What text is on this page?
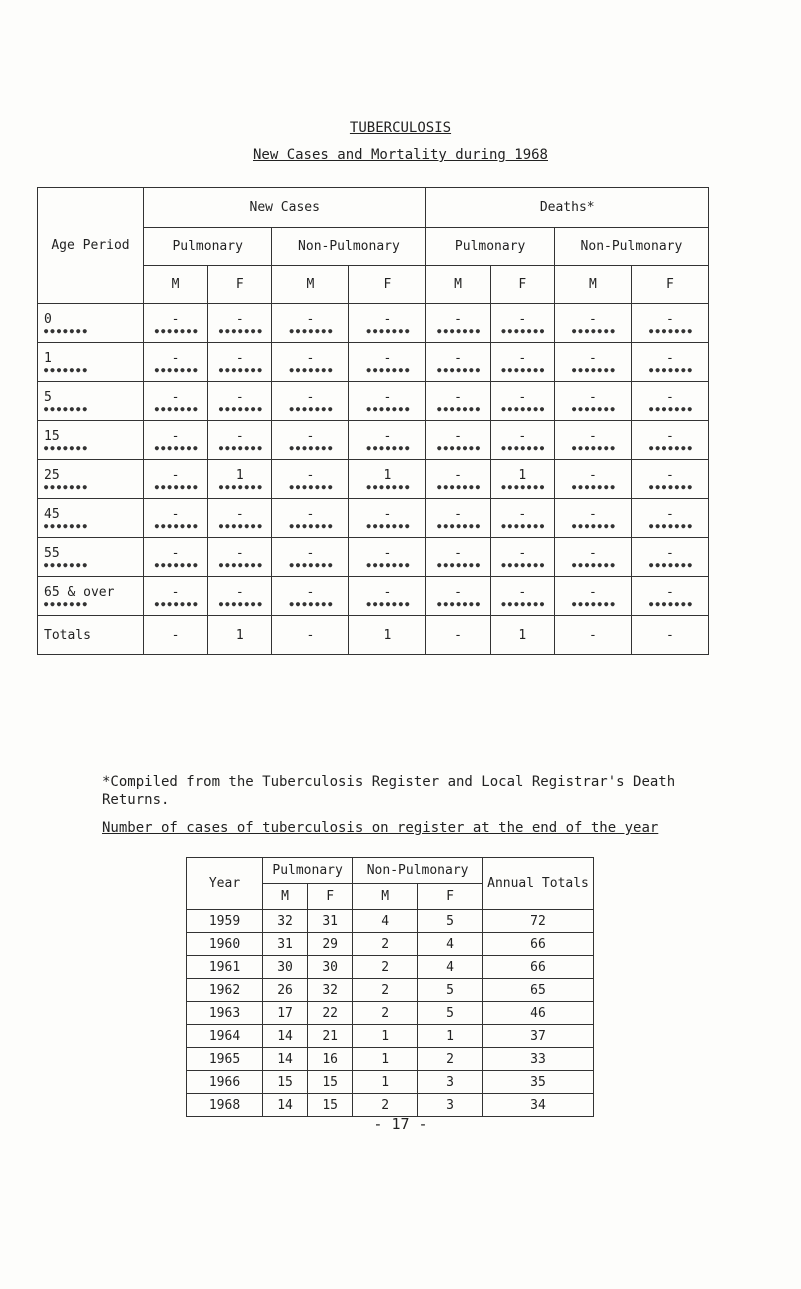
TUBERCULOSIS
New Cases and Mortality during 1968
Age Period	New Cases				Deaths*			
	Pulmonary		Non-Pulmonary		Pulmonary		Non-Pulmonary	
	M	F	M	F	M	F	M	F
0 ● ● ● ● ● ● ●	- ● ● ● ● ● ● ●	- ● ● ● ● ● ● ●	- ● ● ● ● ● ● ●	- ● ● ● ● ● ● ●	- ● ● ● ● ● ● ●	- ● ● ● ● ● ● ●	- ● ● ● ● ● ● ●	- ● ● ● ● ● ● ●
1 ● ● ● ● ● ● ●	- ● ● ● ● ● ● ●	- ● ● ● ● ● ● ●	- ● ● ● ● ● ● ●	- ● ● ● ● ● ● ●	- ● ● ● ● ● ● ●	- ● ● ● ● ● ● ●	- ● ● ● ● ● ● ●	- ● ● ● ● ● ● ●
5 ● ● ● ● ● ● ●	- ● ● ● ● ● ● ●	- ● ● ● ● ● ● ●	- ● ● ● ● ● ● ●	- ● ● ● ● ● ● ●	- ● ● ● ● ● ● ●	- ● ● ● ● ● ● ●	- ● ● ● ● ● ● ●	- ● ● ● ● ● ● ●
15 ● ● ● ● ● ● ●	- ● ● ● ● ● ● ●	- ● ● ● ● ● ● ●	- ● ● ● ● ● ● ●	- ● ● ● ● ● ● ●	- ● ● ● ● ● ● ●	- ● ● ● ● ● ● ●	- ● ● ● ● ● ● ●	- ● ● ● ● ● ● ●
25 ● ● ● ● ● ● ●	- ● ● ● ● ● ● ●	1 ● ● ● ● ● ● ●	- ● ● ● ● ● ● ●	1 ● ● ● ● ● ● ●	- ● ● ● ● ● ● ●	1 ● ● ● ● ● ● ●	- ● ● ● ● ● ● ●	- ● ● ● ● ● ● ●
45 ● ● ● ● ● ● ●	- ● ● ● ● ● ● ●	- ● ● ● ● ● ● ●	- ● ● ● ● ● ● ●	- ● ● ● ● ● ● ●	- ● ● ● ● ● ● ●	- ● ● ● ● ● ● ●	- ● ● ● ● ● ● ●	- ● ● ● ● ● ● ●
55 ● ● ● ● ● ● ●	- ● ● ● ● ● ● ●	- ● ● ● ● ● ● ●	- ● ● ● ● ● ● ●	- ● ● ● ● ● ● ●	- ● ● ● ● ● ● ●	- ● ● ● ● ● ● ●	- ● ● ● ● ● ● ●	- ● ● ● ● ● ● ●
65 & over ● ● ● ● ● ● ●	- ● ● ● ● ● ● ●	- ● ● ● ● ● ● ●	- ● ● ● ● ● ● ●	- ● ● ● ● ● ● ●	- ● ● ● ● ● ● ●	- ● ● ● ● ● ● ●	- ● ● ● ● ● ● ●	- ● ● ● ● ● ● ●
Totals	-	1	-	1	-	1	-	-
*Compiled from the Tuberculosis Register and Local Registrar's Death Returns.
Number of cases of tuberculosis on register at the end of the year
Year	Pulmonary		Non-Pulmonary		Annual Totals
	M	F	M	F	
1959	32	31	4	5	72
1960	31	29	2	4	66
1961	30	30	2	4	66
1962	26	32	2	5	65
1963	17	22	2	5	46
1964	14	21	1	1	37
1965	14	16	1	2	33
1966	15	15	1	3	35
1968	14	15	2	3	34
- 17 -
